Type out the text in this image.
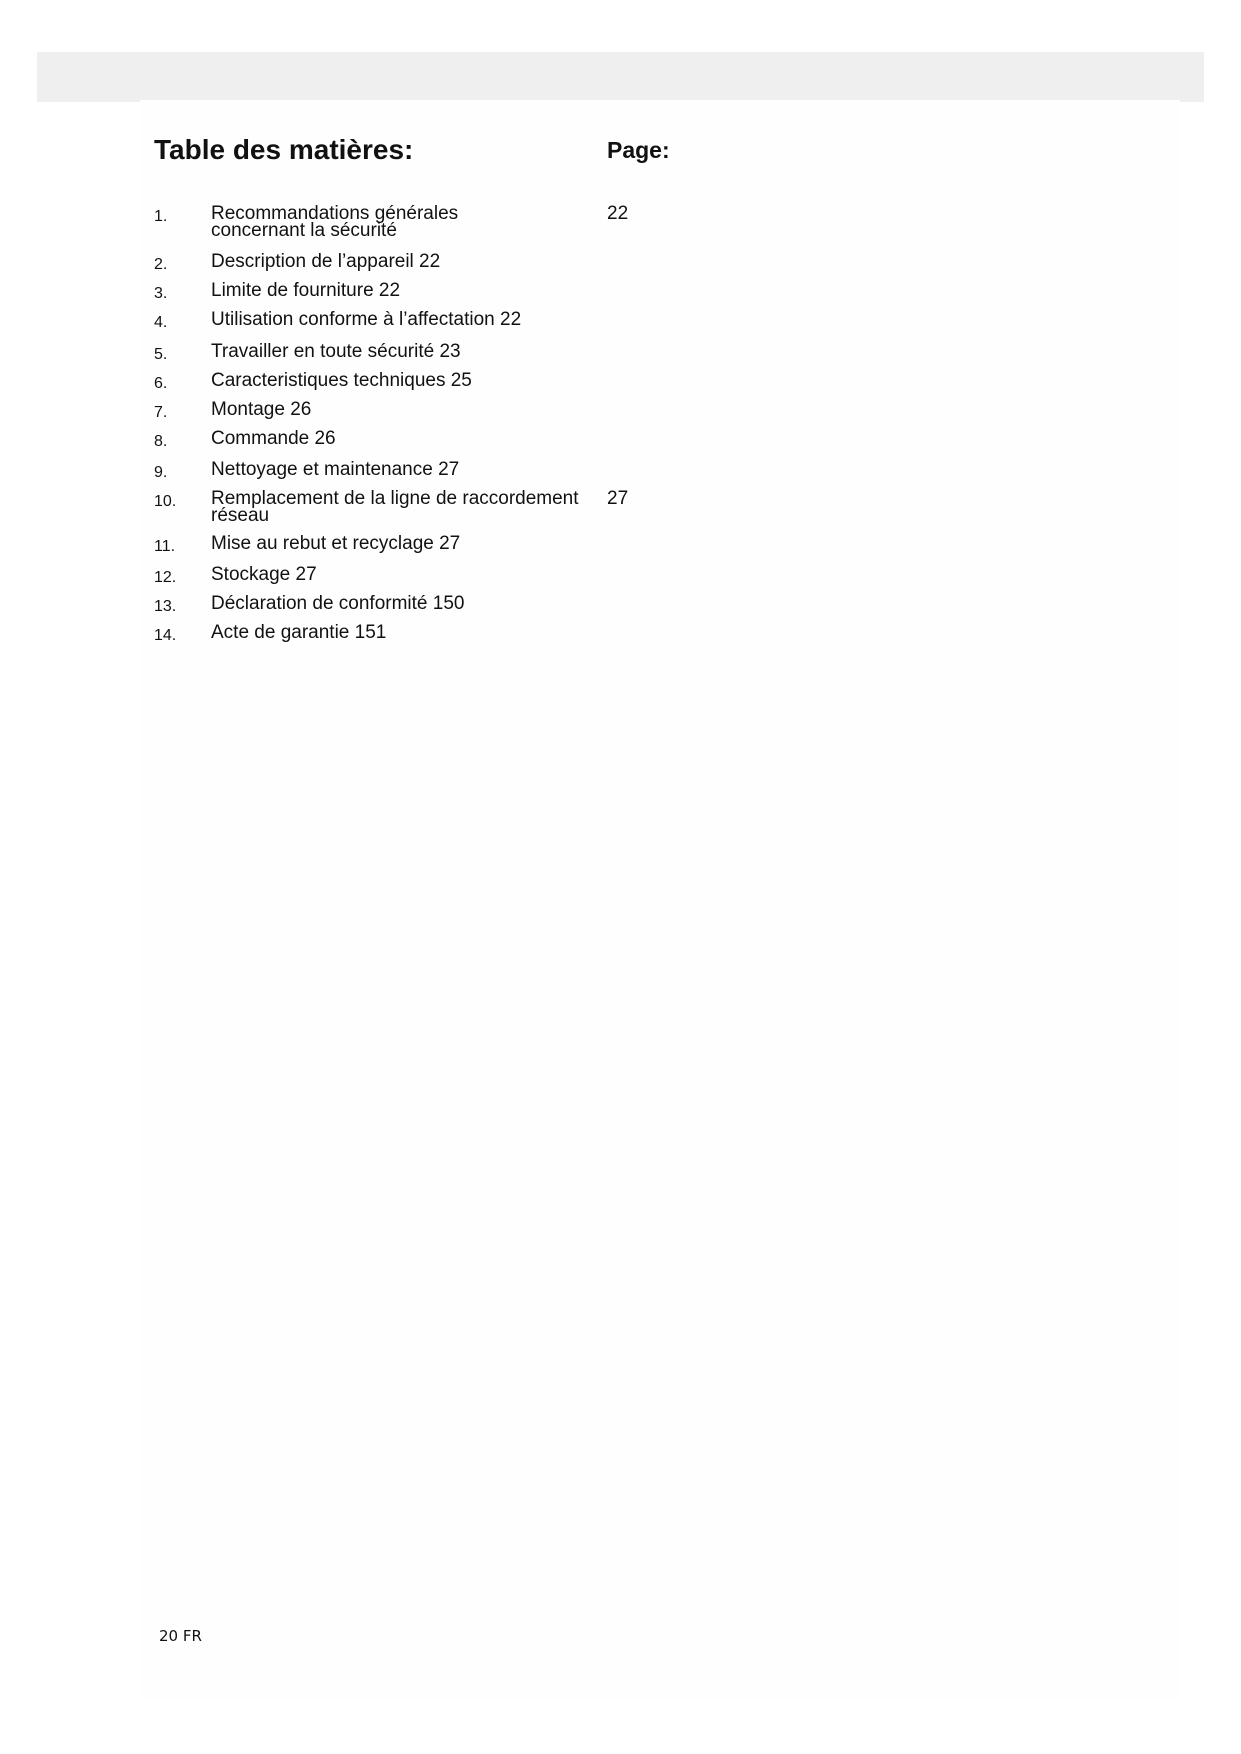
Table des matières:	Page:
1. Recommandations générales
concernant la sécurité
22
2. Description de l’appareil 22
3. Limite de fourniture 22
4. Utilisation conforme à l’affectation 22
5. Travailler en toute sécurité 23
6. Caracteristiques techniques 25
7. Montage 26
8. Commande 26
9. Nettoyage et maintenance 27
10. Remplacement de la ligne de raccordement
réseau
27
11. Mise au rebut et recyclage 27
12. Stockage 27
13. Déclaration de conformité 150
14. Acte de garantie 151
20 FR
